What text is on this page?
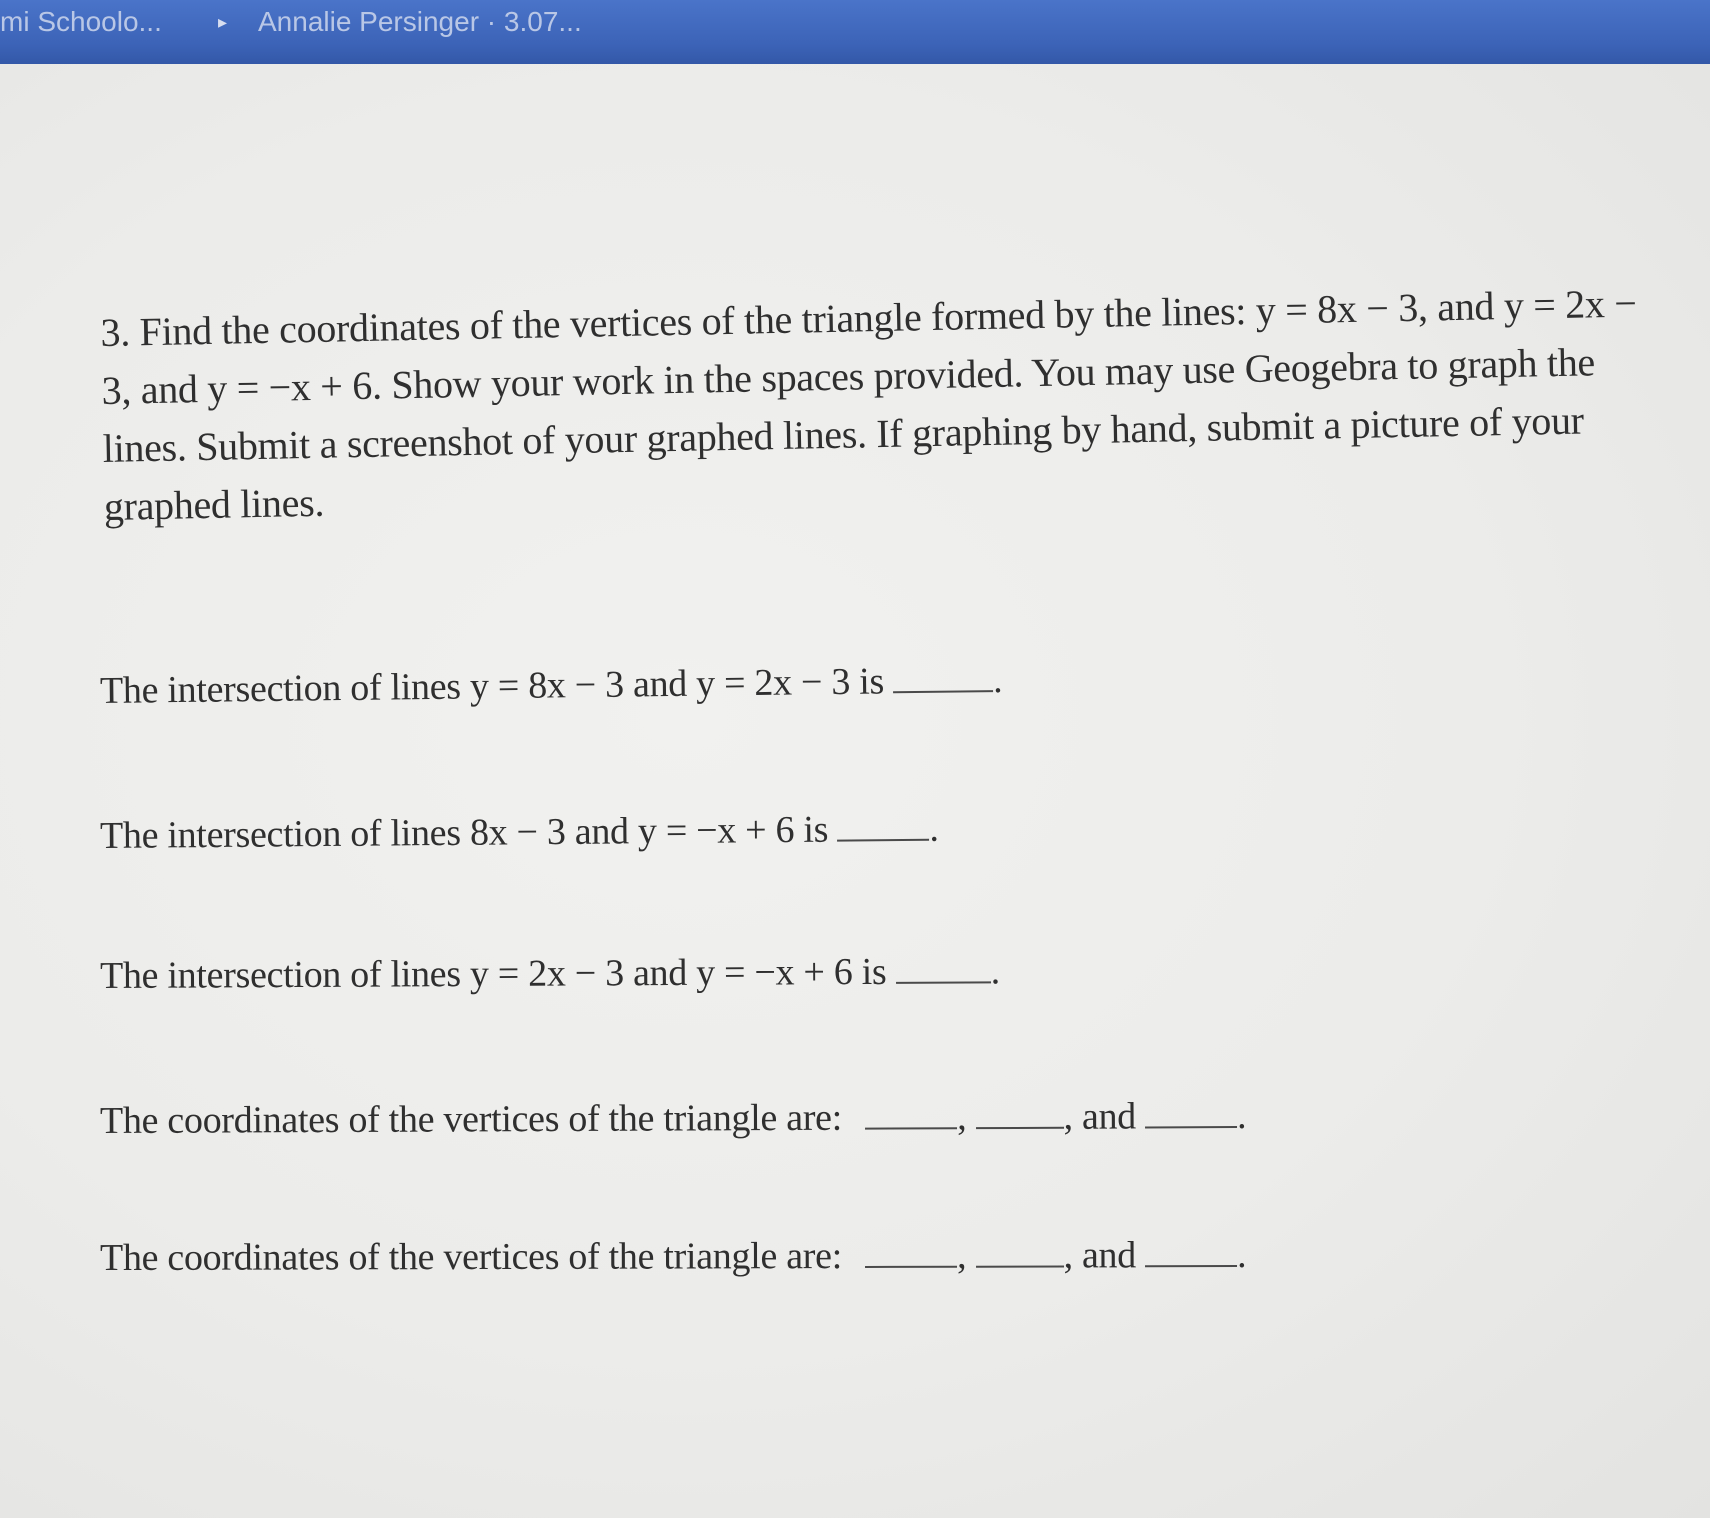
mi Schoolo...	▸ Annalie Persinger · 3.07...
3. Find the coordinates of the vertices of the triangle formed by the lines: y = 8x − 3, and y = 2x − 3, and y = −x + 6. Show your work in the spaces provided. You may use Geogebra to graph the lines. Submit a screenshot of your graphed lines. If graphing by hand, submit a picture of your graphed lines.
The intersection of lines y = 8x − 3 and y = 2x − 3 is	.
The intersection of lines 8x − 3 and y = −x + 6 is	.
The intersection of lines y = 2x − 3 and y = −x + 6 is	.
The coordinates of the vertices of the triangle are:	,	, and	.
The coordinates of the vertices of the triangle are:	,	, and	.
